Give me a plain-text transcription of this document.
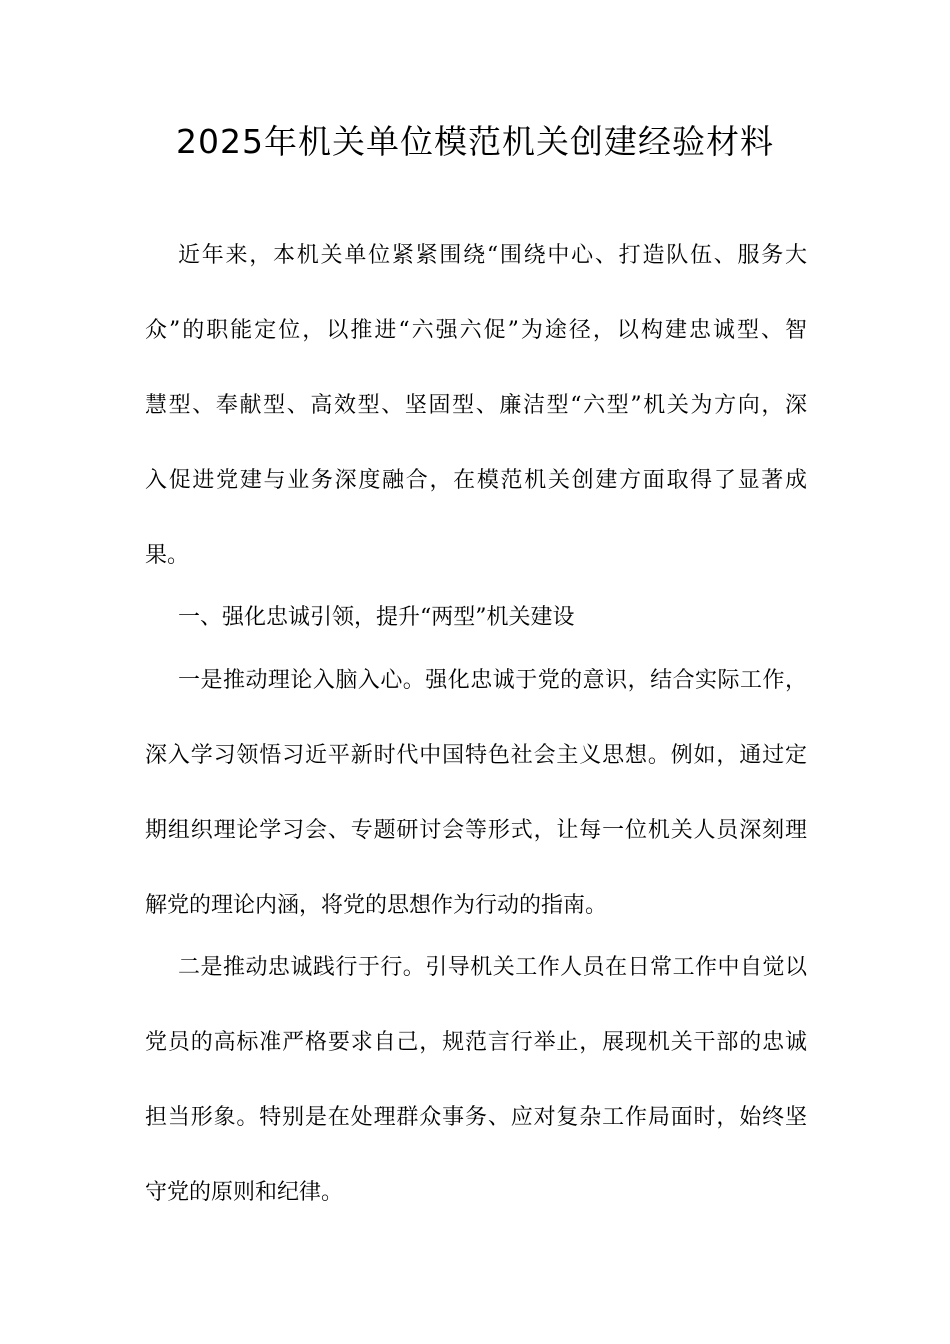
2025年机关单位模范机关创建经验材料
近年来，本机关单位紧紧围绕“围绕中心、打造队伍、服务大
众”的职能定位，以推进“六强六促”为途径，以构建忠诚型、智
慧型、奉献型、高效型、坚固型、廉洁型“六型”机关为方向，深
入促进党建与业务深度融合，在模范机关创建方面取得了显著成
果。
一、强化忠诚引领，提升“两型”机关建设
一是推动理论入脑入心。强化忠诚于党的意识，结合实际工作，
深入学习领悟习近平新时代中国特色社会主义思想。例如，通过定
期组织理论学习会、专题研讨会等形式，让每一位机关人员深刻理
解党的理论内涵，将党的思想作为行动的指南。
二是推动忠诚践行于行。引导机关工作人员在日常工作中自觉以
党员的高标准严格要求自己，规范言行举止，展现机关干部的忠诚
担当形象。特别是在处理群众事务、应对复杂工作局面时，始终坚
守党的原则和纪律。
